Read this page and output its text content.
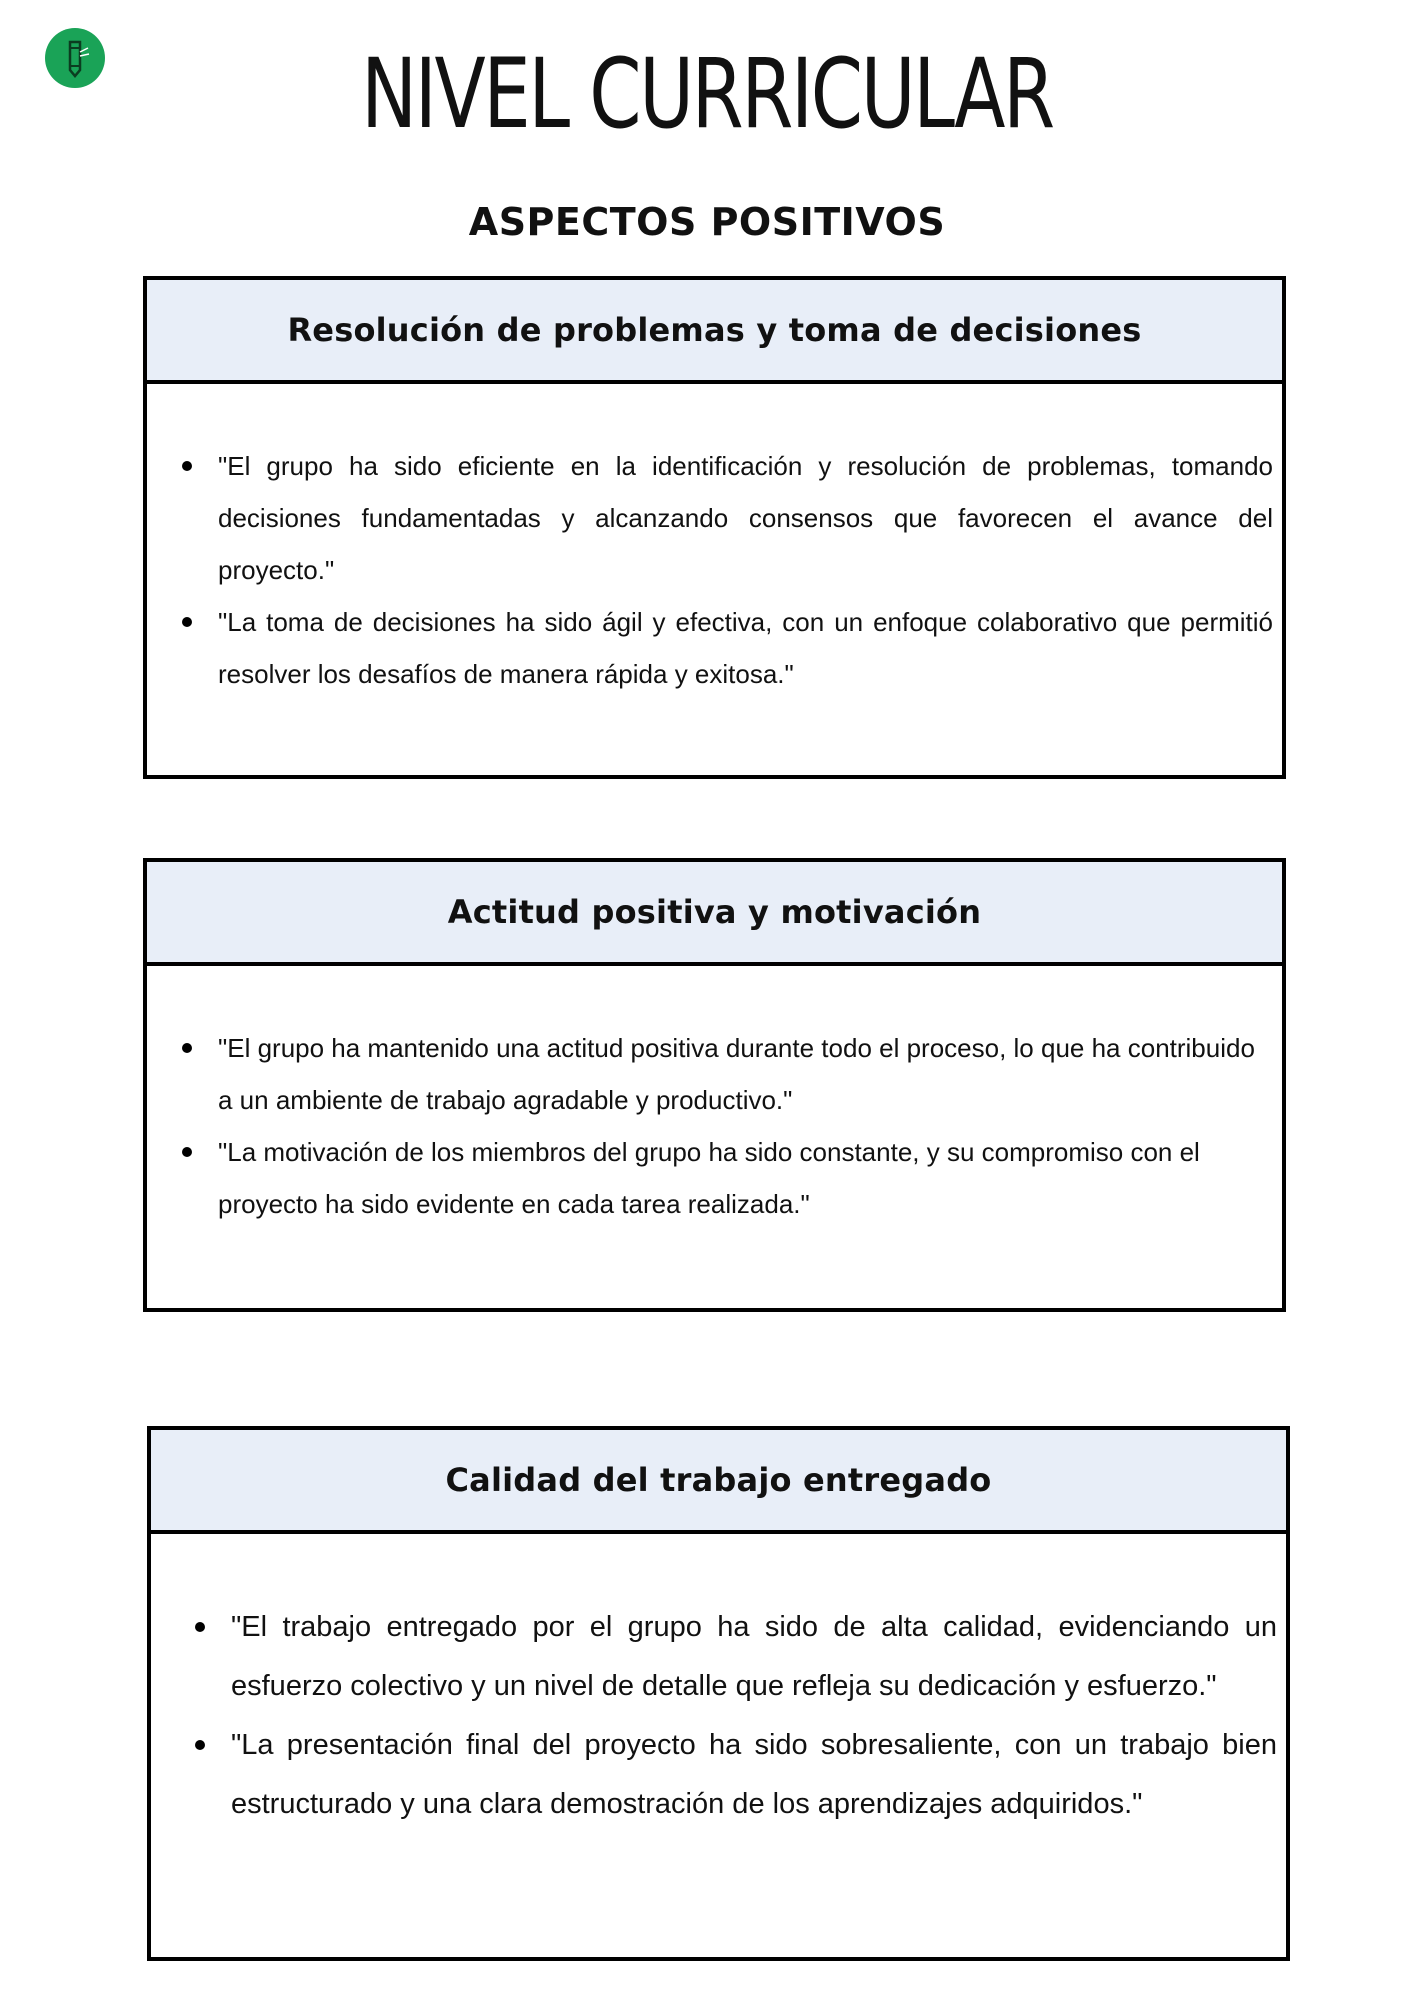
NIVEL CURRICULAR
ASPECTOS POSITIVOS
Resolución de problemas y toma de decisiones
"El grupo ha sido eficiente en la identificación y resolución de problemas, tomando decisiones fundamentadas y alcanzando consensos que favorecen el avance del proyecto."
"La toma de decisiones ha sido ágil y efectiva, con un enfoque colaborativo que permitió resolver los desafíos de manera rápida y exitosa."
Actitud positiva y motivación
"El grupo ha mantenido una actitud positiva durante todo el proceso, lo que ha contribuido a un ambiente de trabajo agradable y productivo."
"La motivación de los miembros del grupo ha sido constante, y su compromiso con el proyecto ha sido evidente en cada tarea realizada."
Calidad del trabajo entregado
"El trabajo entregado por el grupo ha sido de alta calidad, evidenciando un esfuerzo colectivo y un nivel de detalle que refleja su dedicación y esfuerzo."
"La presentación final del proyecto ha sido sobresaliente, con un trabajo bien estructurado y una clara demostración de los aprendizajes adquiridos."
